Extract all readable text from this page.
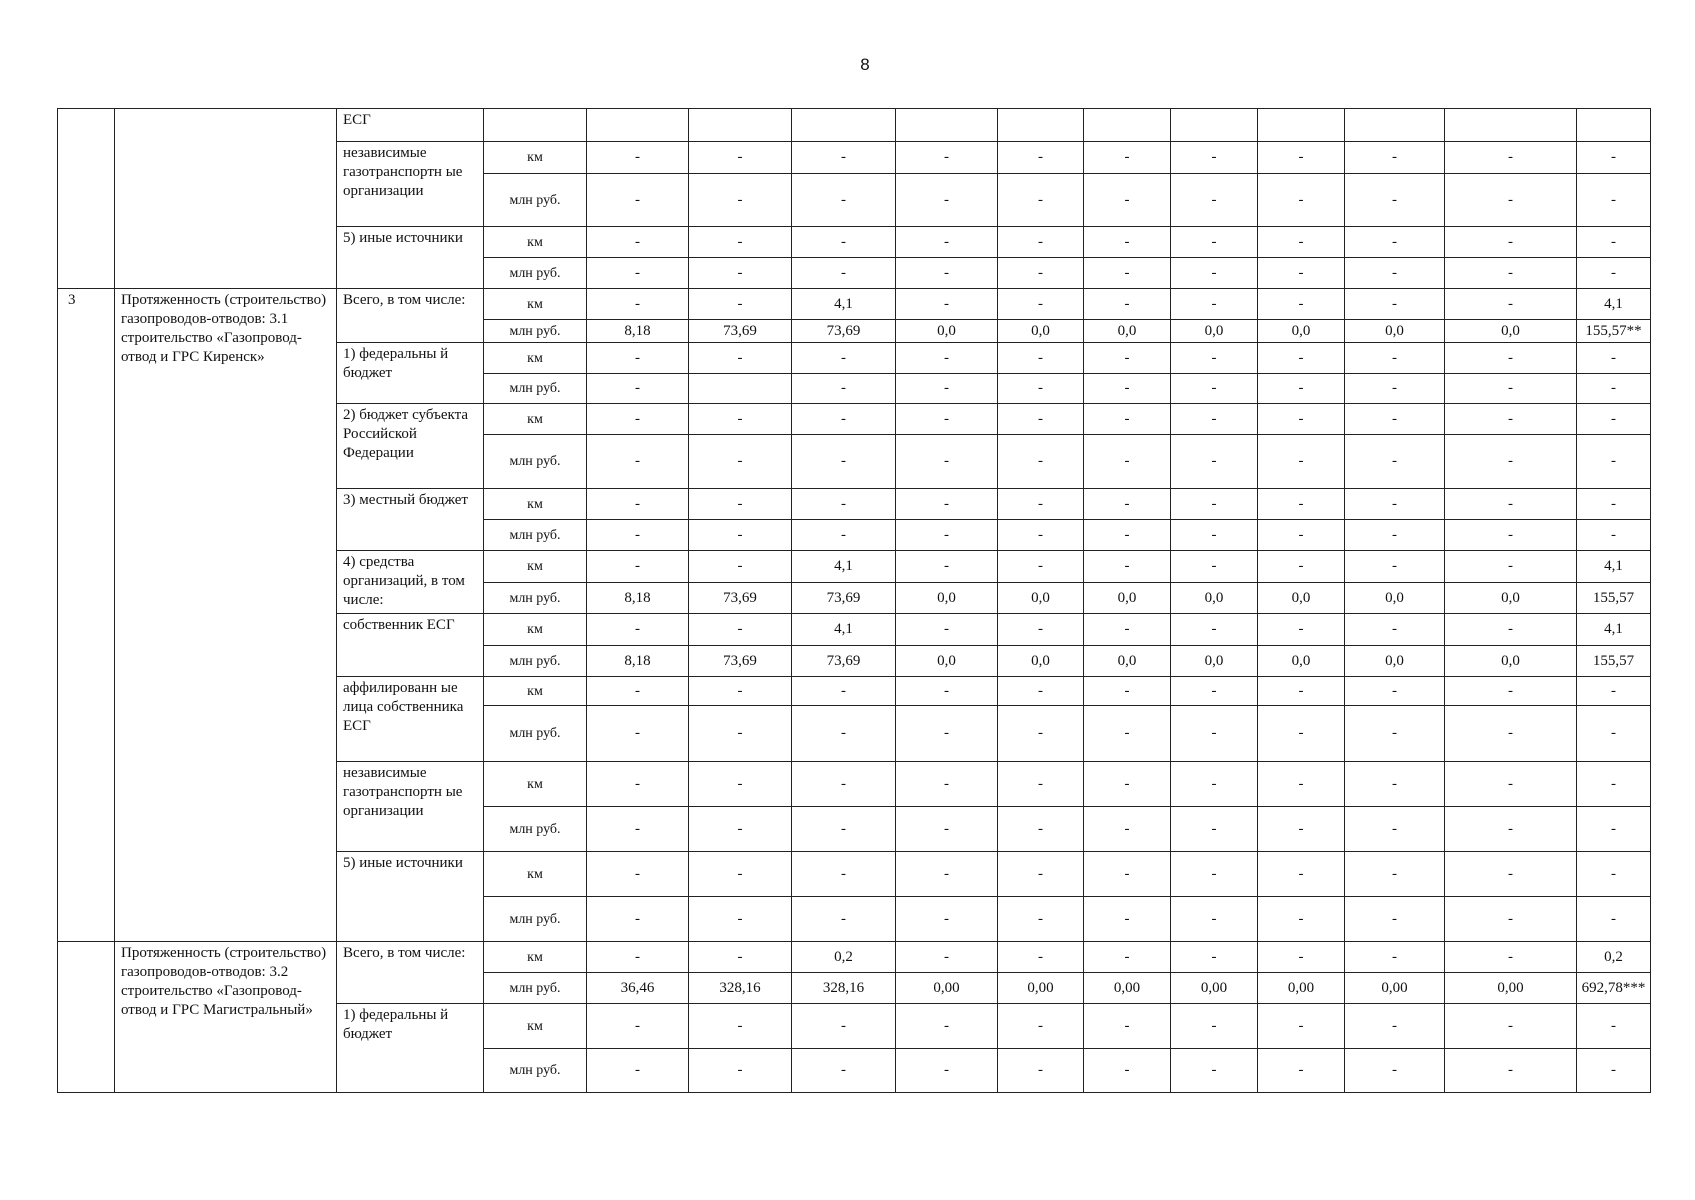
8
		ЕСГ												
		независимые газотранспортн ые организации	км	-	-	-	-	-	-	-	-	-	-	-
			млн руб.	-	-	-	-	-	-	-	-	-	-	-
		5) иные источники	км	-	-	-	-	-	-	-	-	-	-	-
			млн руб.	-	-	-	-	-	-	-	-	-	-	-
3	Протяженность (строительство) газопроводов-отводов: 3.1 строительство «Газопровод-отвод и ГРС Киренск»	Всего, в том числе:	км	-	-	4,1	-	-	-	-	-	-	-	4,1
			млн руб.	8,18	73,69	73,69	0,0	0,0	0,0	0,0	0,0	0,0	0,0	155,57**
		1) федеральны й бюджет	км	-	-	-	-	-	-	-	-	-	-	-
			млн руб.	-		-	-	-	-	-	-	-	-	-
		2) бюджет субъекта Российской Федерации	км	-	-	-	-	-	-	-	-	-	-	-
			млн руб.	-	-	-	-	-	-	-	-	-	-	-
		3) местный бюджет	км	-	-	-	-	-	-	-	-	-	-	-
			млн руб.	-	-	-	-	-	-	-	-	-	-	-
		4) средства организаций, в том числе:	км	-	-	4,1	-	-	-	-	-	-	-	4,1
			млн руб.	8,18	73,69	73,69	0,0	0,0	0,0	0,0	0,0	0,0	0,0	155,57
		собственник ЕСГ	км	-	-	4,1	-	-	-	-	-	-	-	4,1
			млн руб.	8,18	73,69	73,69	0,0	0,0	0,0	0,0	0,0	0,0	0,0	155,57
		аффилированн ые лица собственника ЕСГ	км	-	-	-	-	-	-	-	-	-	-	-
			млн руб.	-	-	-	-	-	-	-	-	-	-	-
		независимые газотранспортн ые организации	км	-	-	-	-	-	-	-	-	-	-	-
			млн руб.	-	-	-	-	-	-	-	-	-	-	-
		5) иные источники	км	-	-	-	-	-	-	-	-	-	-	-
			млн руб.	-	-	-	-	-	-	-	-	-	-	-
	Протяженность (строительство) газопроводов-отводов: 3.2 строительство «Газопровод-отвод и ГРС Магистральный»	Всего, в том числе:	км	-	-	0,2	-	-	-	-	-	-	-	0,2
			млн руб.	36,46	328,16	328,16	0,00	0,00	0,00	0,00	0,00	0,00	0,00	692,78***
		1) федеральны й бюджет	км	-	-	-	-	-	-	-	-	-	-	-
			млн руб.	-	-	-	-	-	-	-	-	-	-	-
